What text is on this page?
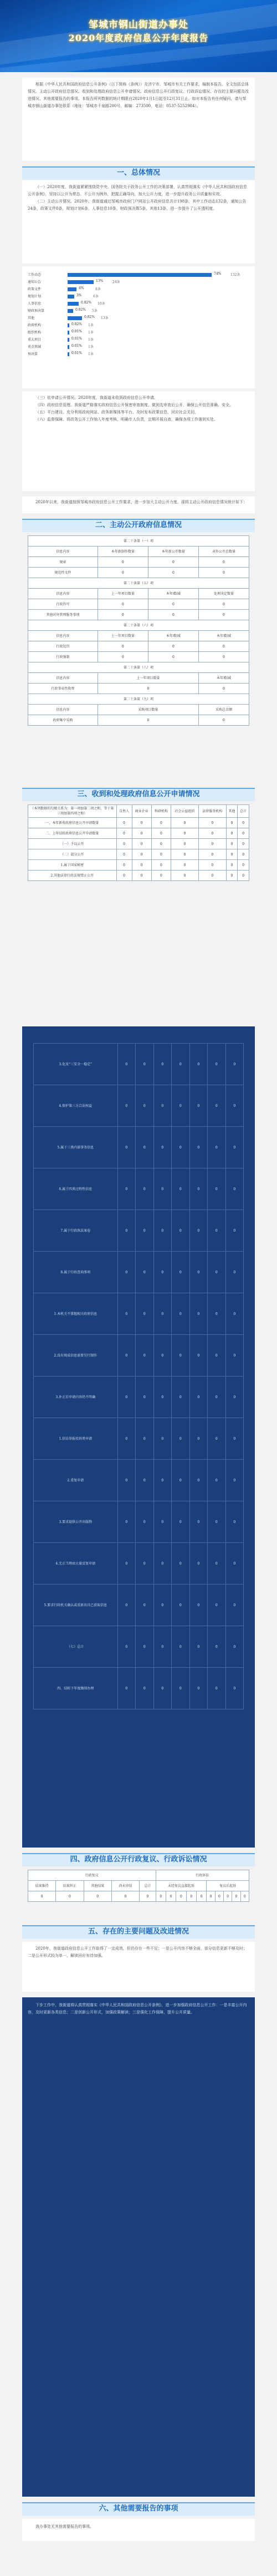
邹城市钢山街道办事处
2020年度政府信息公开年度报告

根据《中华人民共和国政府信息公开条例》（以下简称《条例》）及济宁市、邹城市有关工作要求，编制本报告。全文包括总体情况、主动公开政府信息情况、收到和处理政府信息公开申请情况、政府信息公开行政复议、行政诉讼情况、存在的主要问题及改进情况、其他需要报告的事项。本报告所列数据的统计期限自2020年1月1日起至12月31日止。如对本报告有任何疑问，请与邹城市钢山街道办事处联系（地址：邹城市千泉路200号，邮编：273500，电话：0537-5252984）。

一、总体情况

（一）2020年度，我街道紧紧围绕党中央、国务院关于政务公开工作的决策部署，认真贯彻落实《中华人民共和国政府信息公开条例》，坚持以公开为常态、不公开为例外，把握正确导向，加大公开力度，进一步提升政务公开质量和实效。

（二）主动公开情况。2020年，我街道通过邹城市政府门户网站公开政府信息共计198条，其中工作动态132条，通知公告24条，政策文件8条，规划计划6条，人事信息10条，财政预决算5条，其他13条，进一步提升了公开透明度。

工作动态	74%	132条
通知公告	13%	24条
政策文件	4%	8条
规划计划	3%	6条
人事信息	0.82% 10条
财政预决算	0.82% 5条
其他	0.82% 13条
政府机构	0.82% 1条
组织机构	0.01% 1条
重大项目	0.01% 1条
重点领域	0.01% 1条
预决算	0.01% 1条

（三）依申请公开情况。2020年度，我街道未收到政府信息公开申请。

（四）政府信息管理。我街道严格落实政府信息公开保密审查制度，做到先审查后公开，确保公开信息准确、安全。

（五）平台建设。充分利用政府网站、政务新媒体等平台，及时发布政策信息，回应社会关切。

（六）监督保障。将政务公开工作纳入年度考核，明确专人负责，定期开展自查，确保各项工作落到实处。

2020年以来，我街道按照邹城市政府信息公开工作要求，进一步加大主动公开力度，现将主动公开政府信息情况统计如下：

二、主动公开政府信息情况
第二十条第（一）项			
信息内容	本年新制作数量	本年新公开数量	对外公开总数量
规章	0	0	0
规范性文件	0	0	0
第二十条第（五）项			
信息内容	上一年项目数量	本年增/减	处理决定数量
行政许可	0	0	0
其他对外管理服务事项	0	0	0
第二十条第（六）项			
信息内容	上一年项目数量	本年增/减	本年增/减
行政处罚	0	0	0
行政强制	0	0	0
第二十条第（八）项			
信息内容	上一年项目数量		本年增/减
行政事业性收费	0		0
第二十条第（九）项			
信息内容	采购项目数量		采购总金额
政府集中采购	0		0
三、收到和处理政府信息公开申请情况
（本列数据的勾稽关系为：第一项加第二项之和，等于第三项加第四项之和）	自然人	商业企业	科研机构	社会公益组织	法律服务机构	其他	总计
一、本年新收政府信息公开申请数量	0	0	0	0	0	0	0
二、上年结转政府信息公开申请数量	0	0	0	0	0	0	0
（一）予以公开	0	0	0	0	0	0	0
（二）部分公开	0	0	0	0	0	0	0
1.属于国家秘密	0	0	0	0	0	0	0
2.其他法律行政法规禁止公开	0	0	0	0	0	0	0
3.危及“三安全一稳定”	0	0	0	0	0	0	0
4.保护第三方合法权益	0	0	0	0	0	0	0
5.属于三类内部事务信息	0	0	0	0	0	0	0
6.属于四类过程性信息	0	0	0	0	0	0	0
7.属于行政执法案卷	0	0	0	0	0	0	0
8.属于行政查询事项	0	0	0	0	0	0	0
1.本机关不掌握相关政府信息	0	0	0	0	0	0	0
2.没有现成信息需要另行制作	0	0	0	0	0	0	0
3.补正后申请内容仍不明确	0	0	0	0	0	0	0
1.信访举报投诉类申请	0	0	0	0	0	0	0
2.重复申请	0	0	0	0	0	0	0
3.要求提供公开出版物	0	0	0	0	0	0	0
4.无正当理由大量反复申请	0	0	0	0	0	0	0
5.要求行政机关确认或重新出具已获取信息	0	0	0	0	0	0	0
（七）总计	0	0	0	0	0	0	0
四、结转下年度继续办理	0	0	0	0	0	0	0
四、政府信息公开行政复议、行政诉讼情况
行政复议					行政诉讼									
结果维持	结果纠正	其他结果	尚未审结	总计	未经复议直接起诉					复议后起诉				
0	0	0	0	0	0	0	0	0	0	0	0	0	0	0
五、存在的主要问题及改进情况

2020年，我街道政府信息公开工作取得了一定成效，但仍存在一些不足：一是公开内容不够全面，部分信息更新不够及时；二是公开形式较为单一，解读回应有待加强。

下步工作中，我街道将认真贯彻落实《中华人民共和国政府信息公开条例》，进一步加强政府信息公开工作：一是丰富公开内容，及时更新各类信息；二是创新公开形式，加强政策解读；三是强化工作保障，提升公开质量。

六、其他需要报告的事项

我办事处无其他需要报告的事项。
